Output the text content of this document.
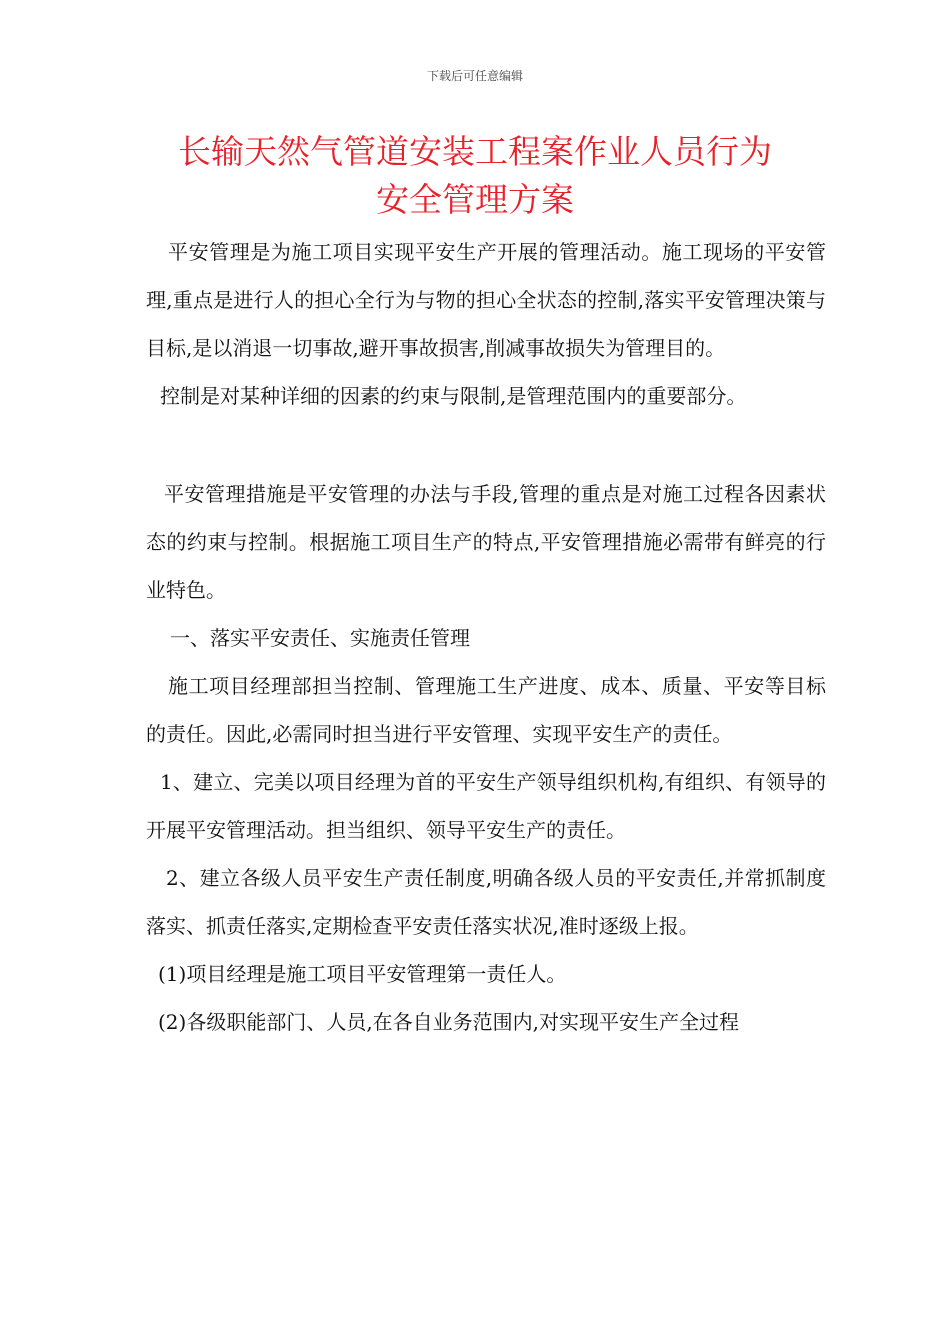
下载后可任意编辑
长输天然气管道安装工程案作业人员行为
安全管理方案

平安管理是为施工项目实现平安生产开展的管理活动。施工现场的平安管理,重点是进行人的担心全行为与物的担心全状态的控制,落实平安管理决策与目标,是以消退一切事故,避开事故损害,削减事故损失为管理目的。

控制是对某种详细的因素的约束与限制,是管理范围内的重要部分。

平安管理措施是平安管理的办法与手段,管理的重点是对施工过程各因素状态的约束与控制。根据施工项目生产的特点,平安管理措施必需带有鲜亮的行业特色。

一、落实平安责任、实施责任管理

施工项目经理部担当控制、管理施工生产进度、成本、质量、平安等目标的责任。因此,必需同时担当进行平安管理、实现平安生产的责任。

1、建立、完美以项目经理为首的平安生产领导组织机构,有组织、有领导的开展平安管理活动。担当组织、领导平安生产的责任。

2、建立各级人员平安生产责任制度,明确各级人员的平安责任,并常抓制度落实、抓责任落实,定期检查平安责任落实状况,准时逐级上报。

(1)项目经理是施工项目平安管理第一责任人。

(2)各级职能部门、人员,在各自业务范围内,对实现平安生产全过程
